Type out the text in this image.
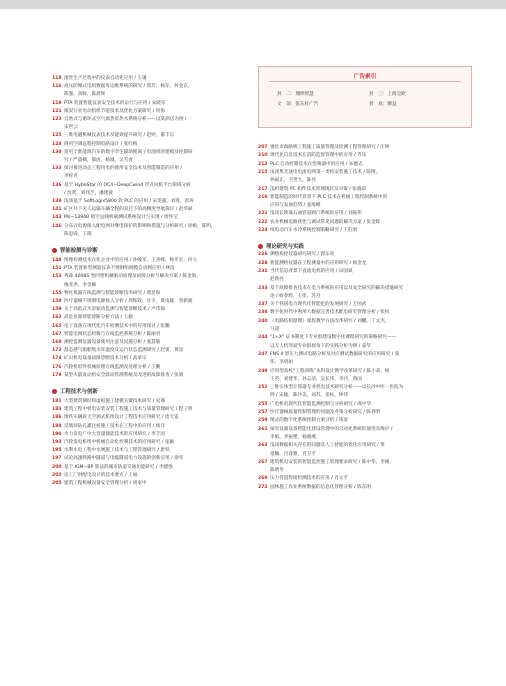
118 滚丝生产过程中的仪表自动化应用 / 王谦
116 高压防爆式电机数据库运维系统的研究 / 郑芳，杨军，何金京，
陈强，余晖，陈晨辉
119 PTA 装置智能仪表安全技术的运行与应用 / 宋晓军
121 煤炭行业电动机组节能技术及优化方案研究 / 何海
123 自然式与循环式空气源热泵热水系统分析——以某酒店为例 /
宋世云
125 三维电磁机械仪表技术及能效提升研究 / 赵婷，董丰宗
128 商用空调远程控制电路设计 / 张红梅
130 适用于新能源汽车的数字孪生辅助锂离子电池组的建模及控制研
究 / 严盛楠，郁虎，杨城，吴雪青
133 探讨推进动态工程用电的使用安全技术及智能制造的应用 /
李梓君
136 基于 HyboStar 的 OC4−DeepCwind 浮式风机平台频域分析
/ 沈贤，刘伟芝，潘建波
139 浅谈基于 SoftLogix5800 软 PLC 的应用 / 宋雯露，刘进，彭涛
141 矿区井下无人运输车辆全程的双目下的高精度导航探讨 / 赵华斌
143 Mil−1394B 航空总线机载测试系统设计与实现 / 唐怀宝
146 分布式电源接入配电网对继电保护的影响和措施与分析研究 / 徐根，陈明，
陈思舜，王琦
智能检测与诊断
148 图像检测技术在化企业中的应用 / 孙峻军，王喜峰，杨步宏，何立
151 PTA 装置新型测量仪表不锈钢组阀膜自动阀应用 / 林清
153 秀森 4008S 型凹型机械驱动原理及故障分析与解决方案 / 陈金海，
梅亚洪，李金顺
155 物化机器在线监测与智能诊断技术研究 / 黄昆和
158 医疗器械不锈钢电源接入分析 / 周辉政，甘辛，黄南雄，曾骐骏
159 关于高低式水泵振动监测与智能诊断技术 / 卢伟锦
162 高危泵源智能诊断分析方法 / 王毅
165 电子设备在现代化汽车检测技术中的应用探讨 / 张鹏
167 智能电网状态检修与在线监控系统分析 / 陈丽君
169 测控监测仪器设备使用注意及问题分析 / 张慧敏
172 湿态感气船舶集水库温度及运行状态监测研究 / 赵蕾，黄彦
174 矿山机电设备故障诊断技术分析 / 高承宗
176 汽轮机组件机械原理在线监测及处理分析 / 王勤
179 某型火箭发动机安全联动管理系统及改进的故障排查 / 张婧
工程技术与创新
181 大型建筑钢结构虚拟施工建模关键技术研究 / 史骞
183 建筑工程中机电安装安装工程施工技术与质量管理研究 / 程子明
186 地铁车辆段天空调式机组设计工程技术应用研究 / 唐天雷
188 反循环钻孔灌注桩施工技术在工程中的应用 / 杨洋
190 火力发电厂中大容量储能技术的应用研究 / 李丰园
193 汽轮发电机组中机械自动化控制技术的应用研究 / 张颖
195 水利水电工程中水闸施工技术与工程管理研究 / 唐铁
197 试论高速铁路中隧道与电缆隧道电力设施的创新应用 / 徐军
200 基于 IGM−BP 算法的城市轨道交通功能研究 / 李德强
202 论工厂供配电设计的技术要点 / 王丽
205 建筑工程机械设备安全管理分析 / 周家中
广告索引
封　二：翔坤智慧	封　三：上海宝欧
文　前：张东杜广告	封　底：顺益
207 强化市政路桥工程施工质量管理及检测工程管理研究 / 庄林
210 现代化信息技术在消防监督管理中的应用 / 齐乐
212 PLC 自动控制技术在变频器中的应用 / 朱德志
215 浅谈集光速电电流电网第一类校安装施工技术 / 陈博，
孙福正，卫世大，陈亮
217 浅析建筑 PC 构件技术管理现状及对策 / 张晓昂
219 智能制造的时代背景下 PLC 技术在机械工程控制系统中的
应用与发展趋势 / 姜海峰
221 浅谈长距离石油管道阀门系统的应用 / 刘振伟
222 农业机械电路优化与调试常见问题的解决方案 / 张金辉
224 纯电动汽车水冷系统控制策略研究 / 王伯勇
理论研究与实践
226 测绘质控仪器研究研究 / 郭东亮
228 智能测绘仪器在工程测量中的应用研究 / 杨金龙
231 当代信息背景下直流电机的应用 / 田国斌
赵新亮
233 基于故障排查技术在电力系统的应用以及安全研究的解决措施研究
论 / 杨春辉，王伟，苏丹
237 关于我国电力现代化智能化的发展研究 / 万国武
238 数字化时代中利用大数据完善技术配电研究管理分析 / 张权
240 《电路结构原理》课程教学方法改革研究 / 刘鹏，丁文杰，
马超
244 "1+X" 证书制度下专业群建设数字化课程研究的策略研究——
以无人机驾驶专业群视角下的实践分析为例 / 姜华
247 FNS II 型压力测试电路分析及对应测试数据研究的应用研究 / 张
伟，李倩如
249 应用型高校“工程训练”本科设计教学改革研究 / 陈小弟，杨
王英，刘建华，孙志清，吴长伟，李丹，鲁国
252 三维实体型计算器专业机电技术研究分析——以长沙中医一医院为
例 / 宋颖，陈沙美，刘苏，姜标，钟伟
255 广电机电现代化智能监测控制与分析研究 / 邢中华
257 医疗器械质量控制管理的问题及对策分析研究 / 陈春明
259 图式的数字化系统控制方案分析 / 钱宽
261 探究仪器设备智能化建设管理中的自动化系统的使用及维护 /
李娟，李振楷，杨晓燕
263 浅谈数据相关存在的问题及人工智能的优化应用研究 / 黄
延楠，肖睿雅，肖卫平
267 建筑机电安装的智能监控施工管理要求研究 / 陈中华，李刚，
陈明华
269 压力管道焊接检测技术的应用 / 肖文平
272 园林施工作业系统数据的信息化管理分析 / 陈东明
